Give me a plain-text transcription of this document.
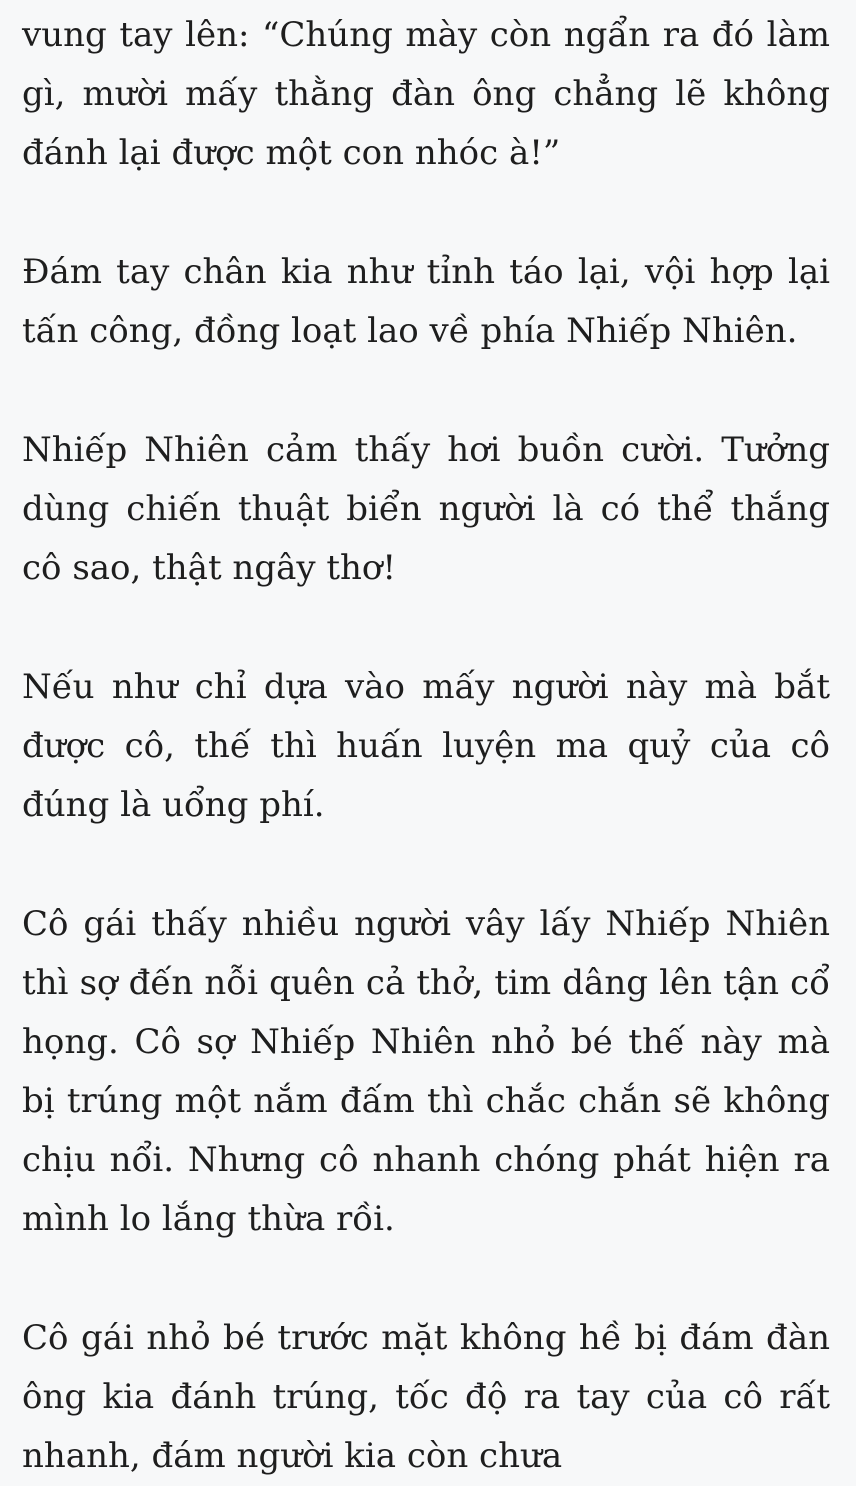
vung tay lên: “Chúng mày còn ngẩn ra đó làm gì, mười mấy thằng đàn ông chẳng lẽ không đánh lại được một con nhóc à!”

Đám tay chân kia như tỉnh táo lại, vội hợp lại tấn công, đồng loạt lao về phía Nhiếp Nhiên.

Nhiếp Nhiên cảm thấy hơi buồn cười. Tưởng dùng chiến thuật biển người là có thể thắng cô sao, thật ngây thơ!

Nếu như chỉ dựa vào mấy người này mà bắt được cô, thế thì huấn luyện ma quỷ của cô đúng là uổng phí.

Cô gái thấy nhiều người vây lấy Nhiếp Nhiên thì sợ đến nỗi quên cả thở, tim dâng lên tận cổ họng. Cô sợ Nhiếp Nhiên nhỏ bé thế này mà bị trúng một nắm đấm thì chắc chắn sẽ không chịu nổi. Nhưng cô nhanh chóng phát hiện ra mình lo lắng thừa rồi.

Cô gái nhỏ bé trước mặt không hề bị đám đàn ông kia đánh trúng, tốc độ ra tay của cô rất nhanh, đám người kia còn chưa
